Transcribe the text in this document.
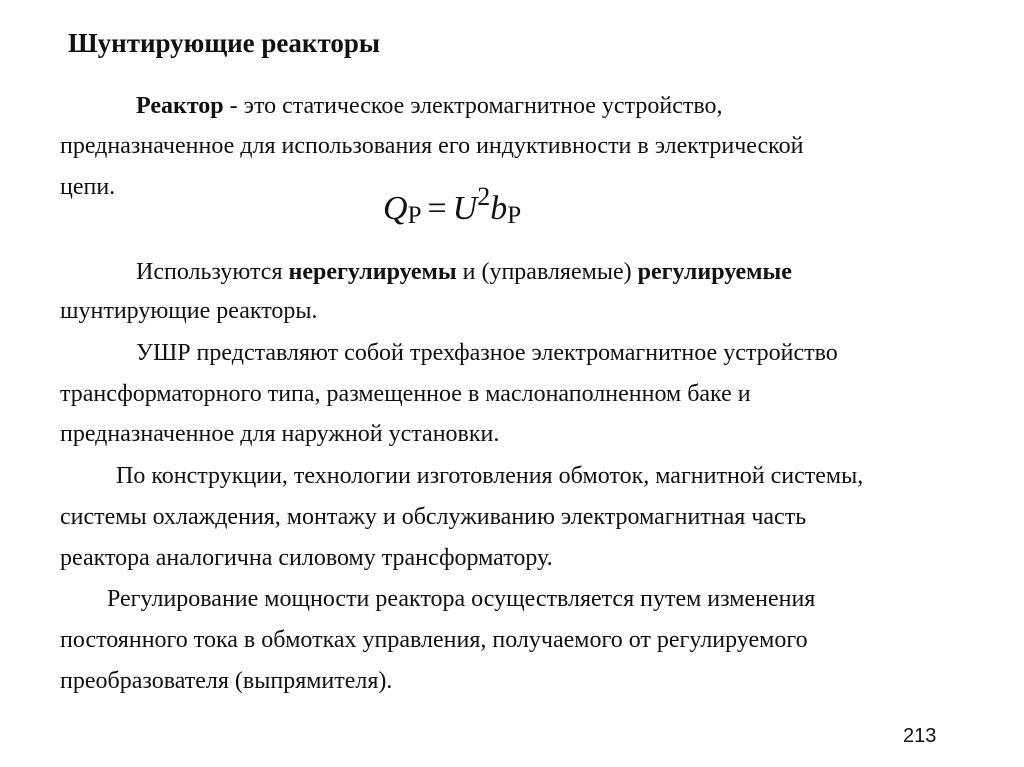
Шунтирующие реакторы
Реактор - это статическое электромагнитное устройство,
предназначенное для использования его индуктивности в электрической
цепи.
QР = $U^2bР$
Используются нерегулируемы и (управляемые) регулируемые
шунтирующие реакторы.
УШР представляют собой трехфазное электромагнитное устройство
трансформаторного типа, размещенное в маслонаполненном баке и
предназначенное для наружной установки.
По конструкции, технологии изготовления обмоток, магнитной системы,
системы охлаждения, монтажу и обслуживанию электромагнитная часть
реактора аналогична силовому трансформатору.
Регулирование мощности реактора осуществляется путем изменения
постоянного тока в обмотках управления, получаемого от регулируемого
преобразователя (выпрямителя).
213
